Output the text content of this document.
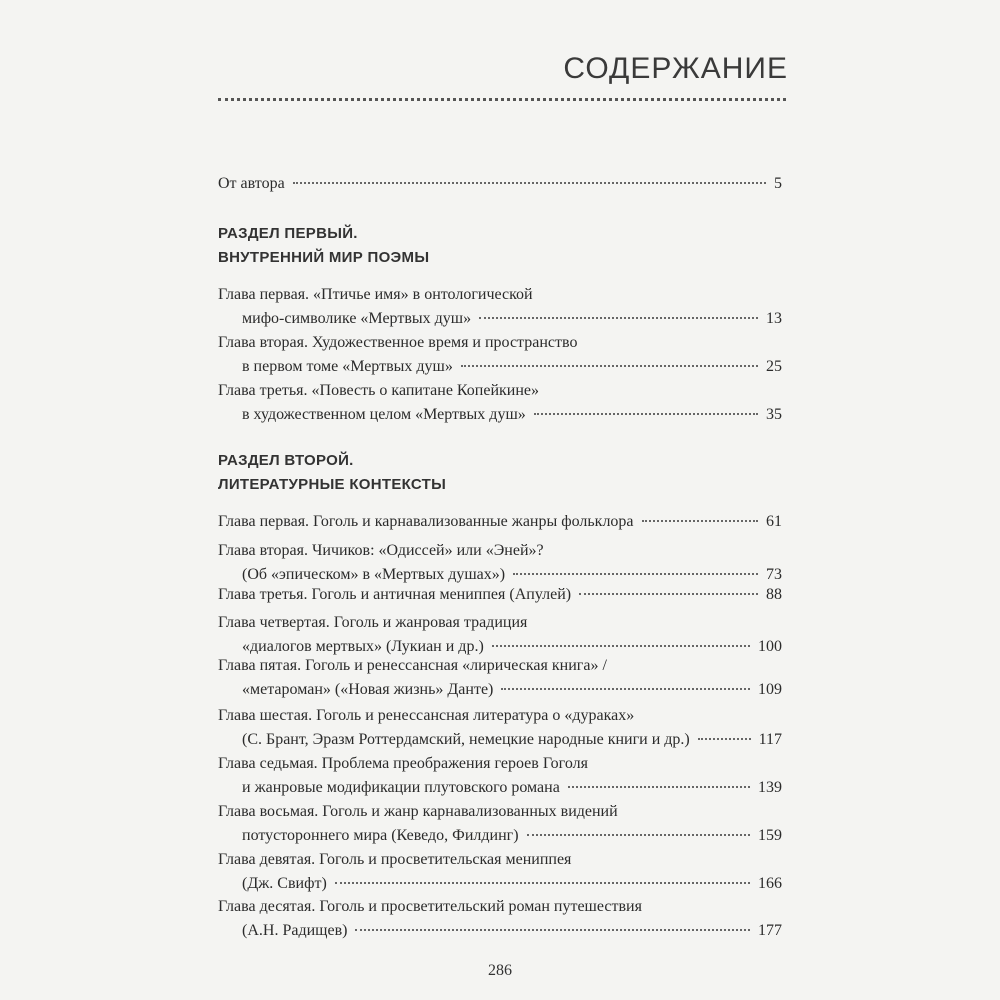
СОДЕРЖАНИЕ
От автора	5
РАЗДЕЛ ПЕРВЫЙ.
ВНУТРЕННИЙ МИР ПОЭМЫ
Глава первая. «Птичье имя» в онтологической
мифо-символике «Мертвых душ»	13
Глава вторая. Художественное время и пространство
в первом томе «Мертвых душ»	25
Глава третья. «Повесть о капитане Копейкине»
в художественном целом «Мертвых душ»	35
РАЗДЕЛ ВТОРОЙ.
ЛИТЕРАТУРНЫЕ КОНТЕКСТЫ
Глава первая. Гоголь и карнавализованные жанры фольклора	61
Глава вторая. Чичиков: «Одиссей» или «Эней»?
(Об «эпическом» в «Мертвых душах»)	73
Глава третья. Гоголь и античная мениппея (Апулей)	88
Глава четвертая. Гоголь и жанровая традиция
«диалогов мертвых» (Лукиан и др.)	100
Глава пятая. Гоголь и ренессансная «лирическая книга» /
«метароман» («Новая жизнь» Данте)	109
Глава шестая. Гоголь и ренессансная литература о «дураках»
(С. Брант, Эразм Роттердамский, немецкие народные книги и др.)	117
Глава седьмая. Проблема преображения героев Гоголя
и жанровые модификации плутовского романа	139
Глава восьмая. Гоголь и жанр карнавализованных видений
потустороннего мира (Кеведо, Филдинг)	159
Глава девятая. Гоголь и просветительская мениппея
(Дж. Свифт)	166
Глава десятая. Гоголь и просветительский роман путешествия
(А.Н. Радищев)	177
286
